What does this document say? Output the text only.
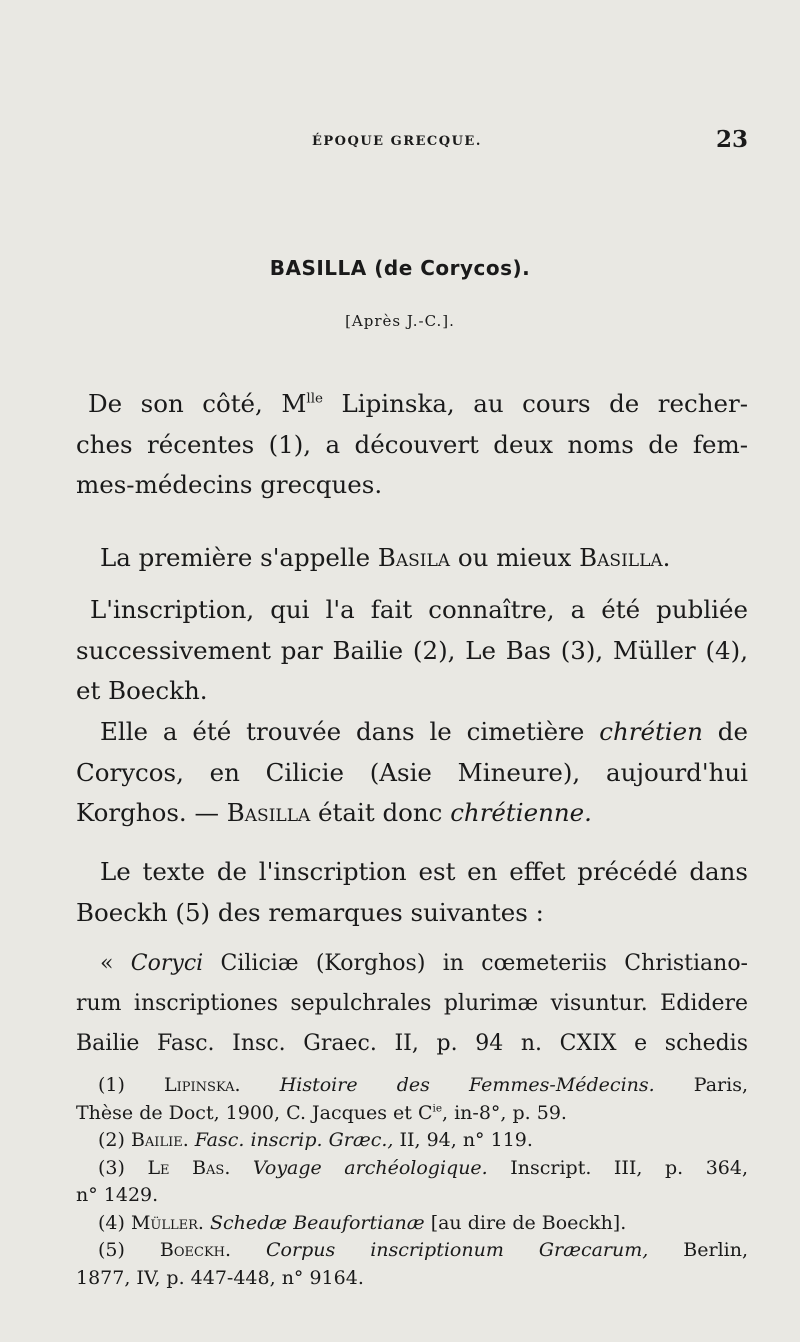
ÉPOQUE GRECQUE.	23
BASILLA (de Corycos).
[Après J.-C.].
De son côté, $M^{lle}$ Lipinska, au cours de recher-
ches récentes (1), a découvert deux noms de fem-
mes-médecins grecques.
La première s'appelle Basila ou mieux Basilla.
L'inscription, qui l'a fait connaître, a été publiée
successivement par Bailie (2), Le Bas (3), Müller (4),
et Boeckh.
Elle a été trouvée dans le cimetière chrétien de
Corycos, en Cilicie (Asie Mineure), aujourd'hui
Korghos. — Basilla était donc chrétienne.
Le texte de l'inscription est en effet précédé dans
Boeckh (5) des remarques suivantes :
« Coryci Ciliciæ (Korghos) in cœmeteriis Christiano-
rum inscriptiones sepulchrales plurimæ visuntur. Edidere
Bailie Fasc. Insc. Graec. II, p. 94 n. CXIX e schedis
(1) Lipinska. Histoire des Femmes-Médecins. Paris,
Thèse de Doct, 1900, C. Jacques et $C^{ie}$, in-8°, p. 59.
(2) Bailie. Fasc. inscrip. Græc., II, 94, n° 119.
(3) Le Bas. Voyage archéologique. Inscript. III, p. 364,
n° 1429.
(4) Müller. Schedæ Beaufortianæ [au dire de Boeckh].
(5) Boeckh. Corpus inscriptionum Græcarum, Berlin,
1877, IV, p. 447-448, n° 9164.
